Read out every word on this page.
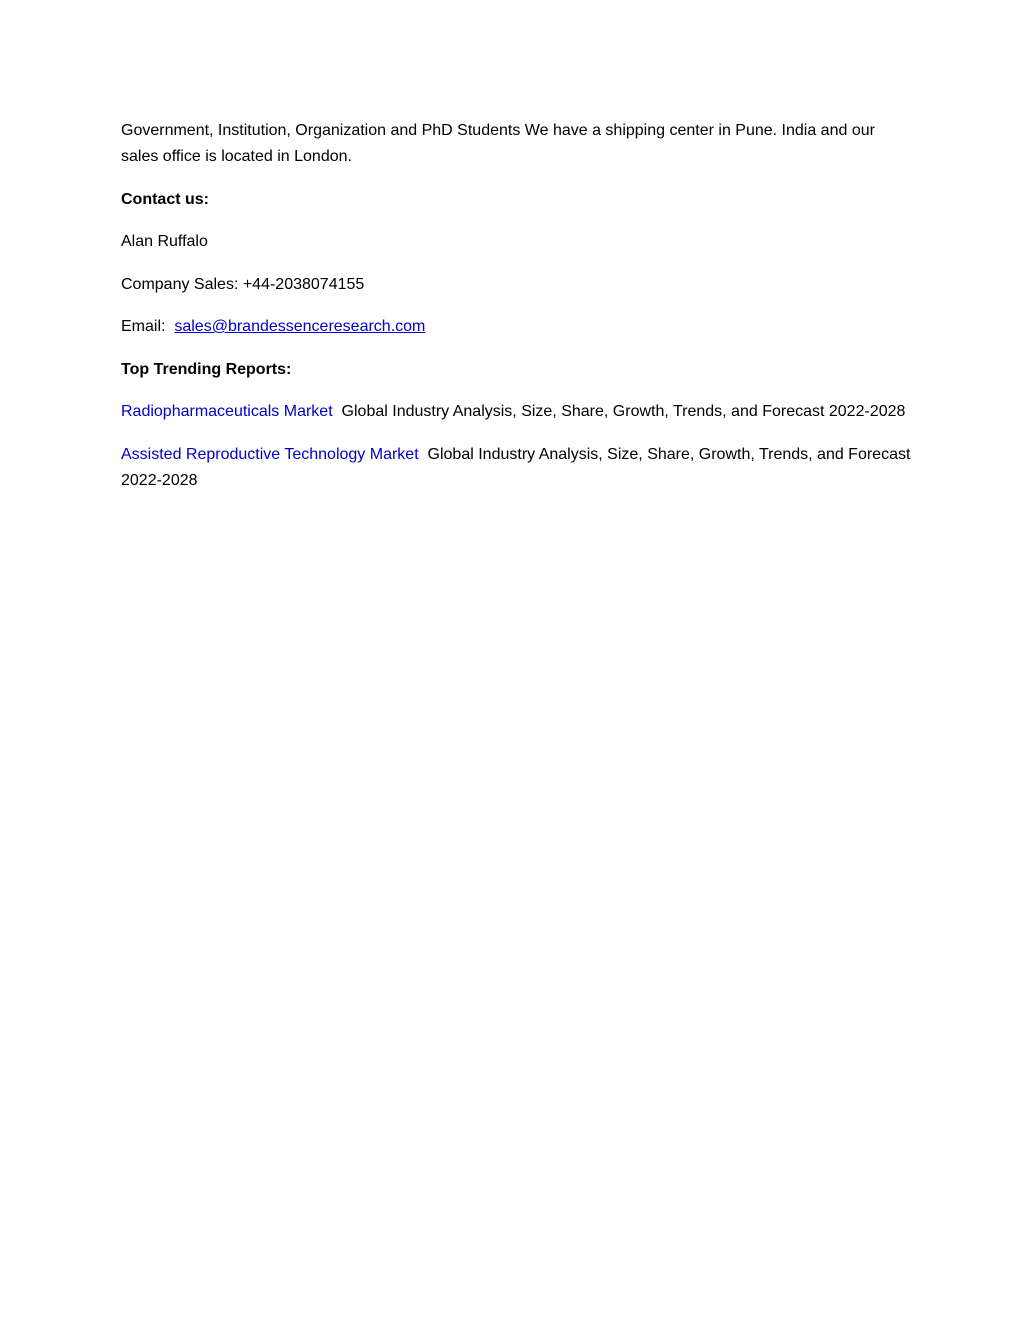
Government, Institution, Organization and PhD Students We have a shipping center in Pune. India and our sales office is located in London.

Contact us:

Alan Ruffalo

Company Sales: +44-2038074155

Email: sales@brandessenceresearch.com

Top Trending Reports:

Radiopharmaceuticals Market Global Industry Analysis, Size, Share, Growth, Trends, and Forecast 2022-2028

Assisted Reproductive Technology Market Global Industry Analysis, Size, Share, Growth, Trends, and Forecast 2022-2028
